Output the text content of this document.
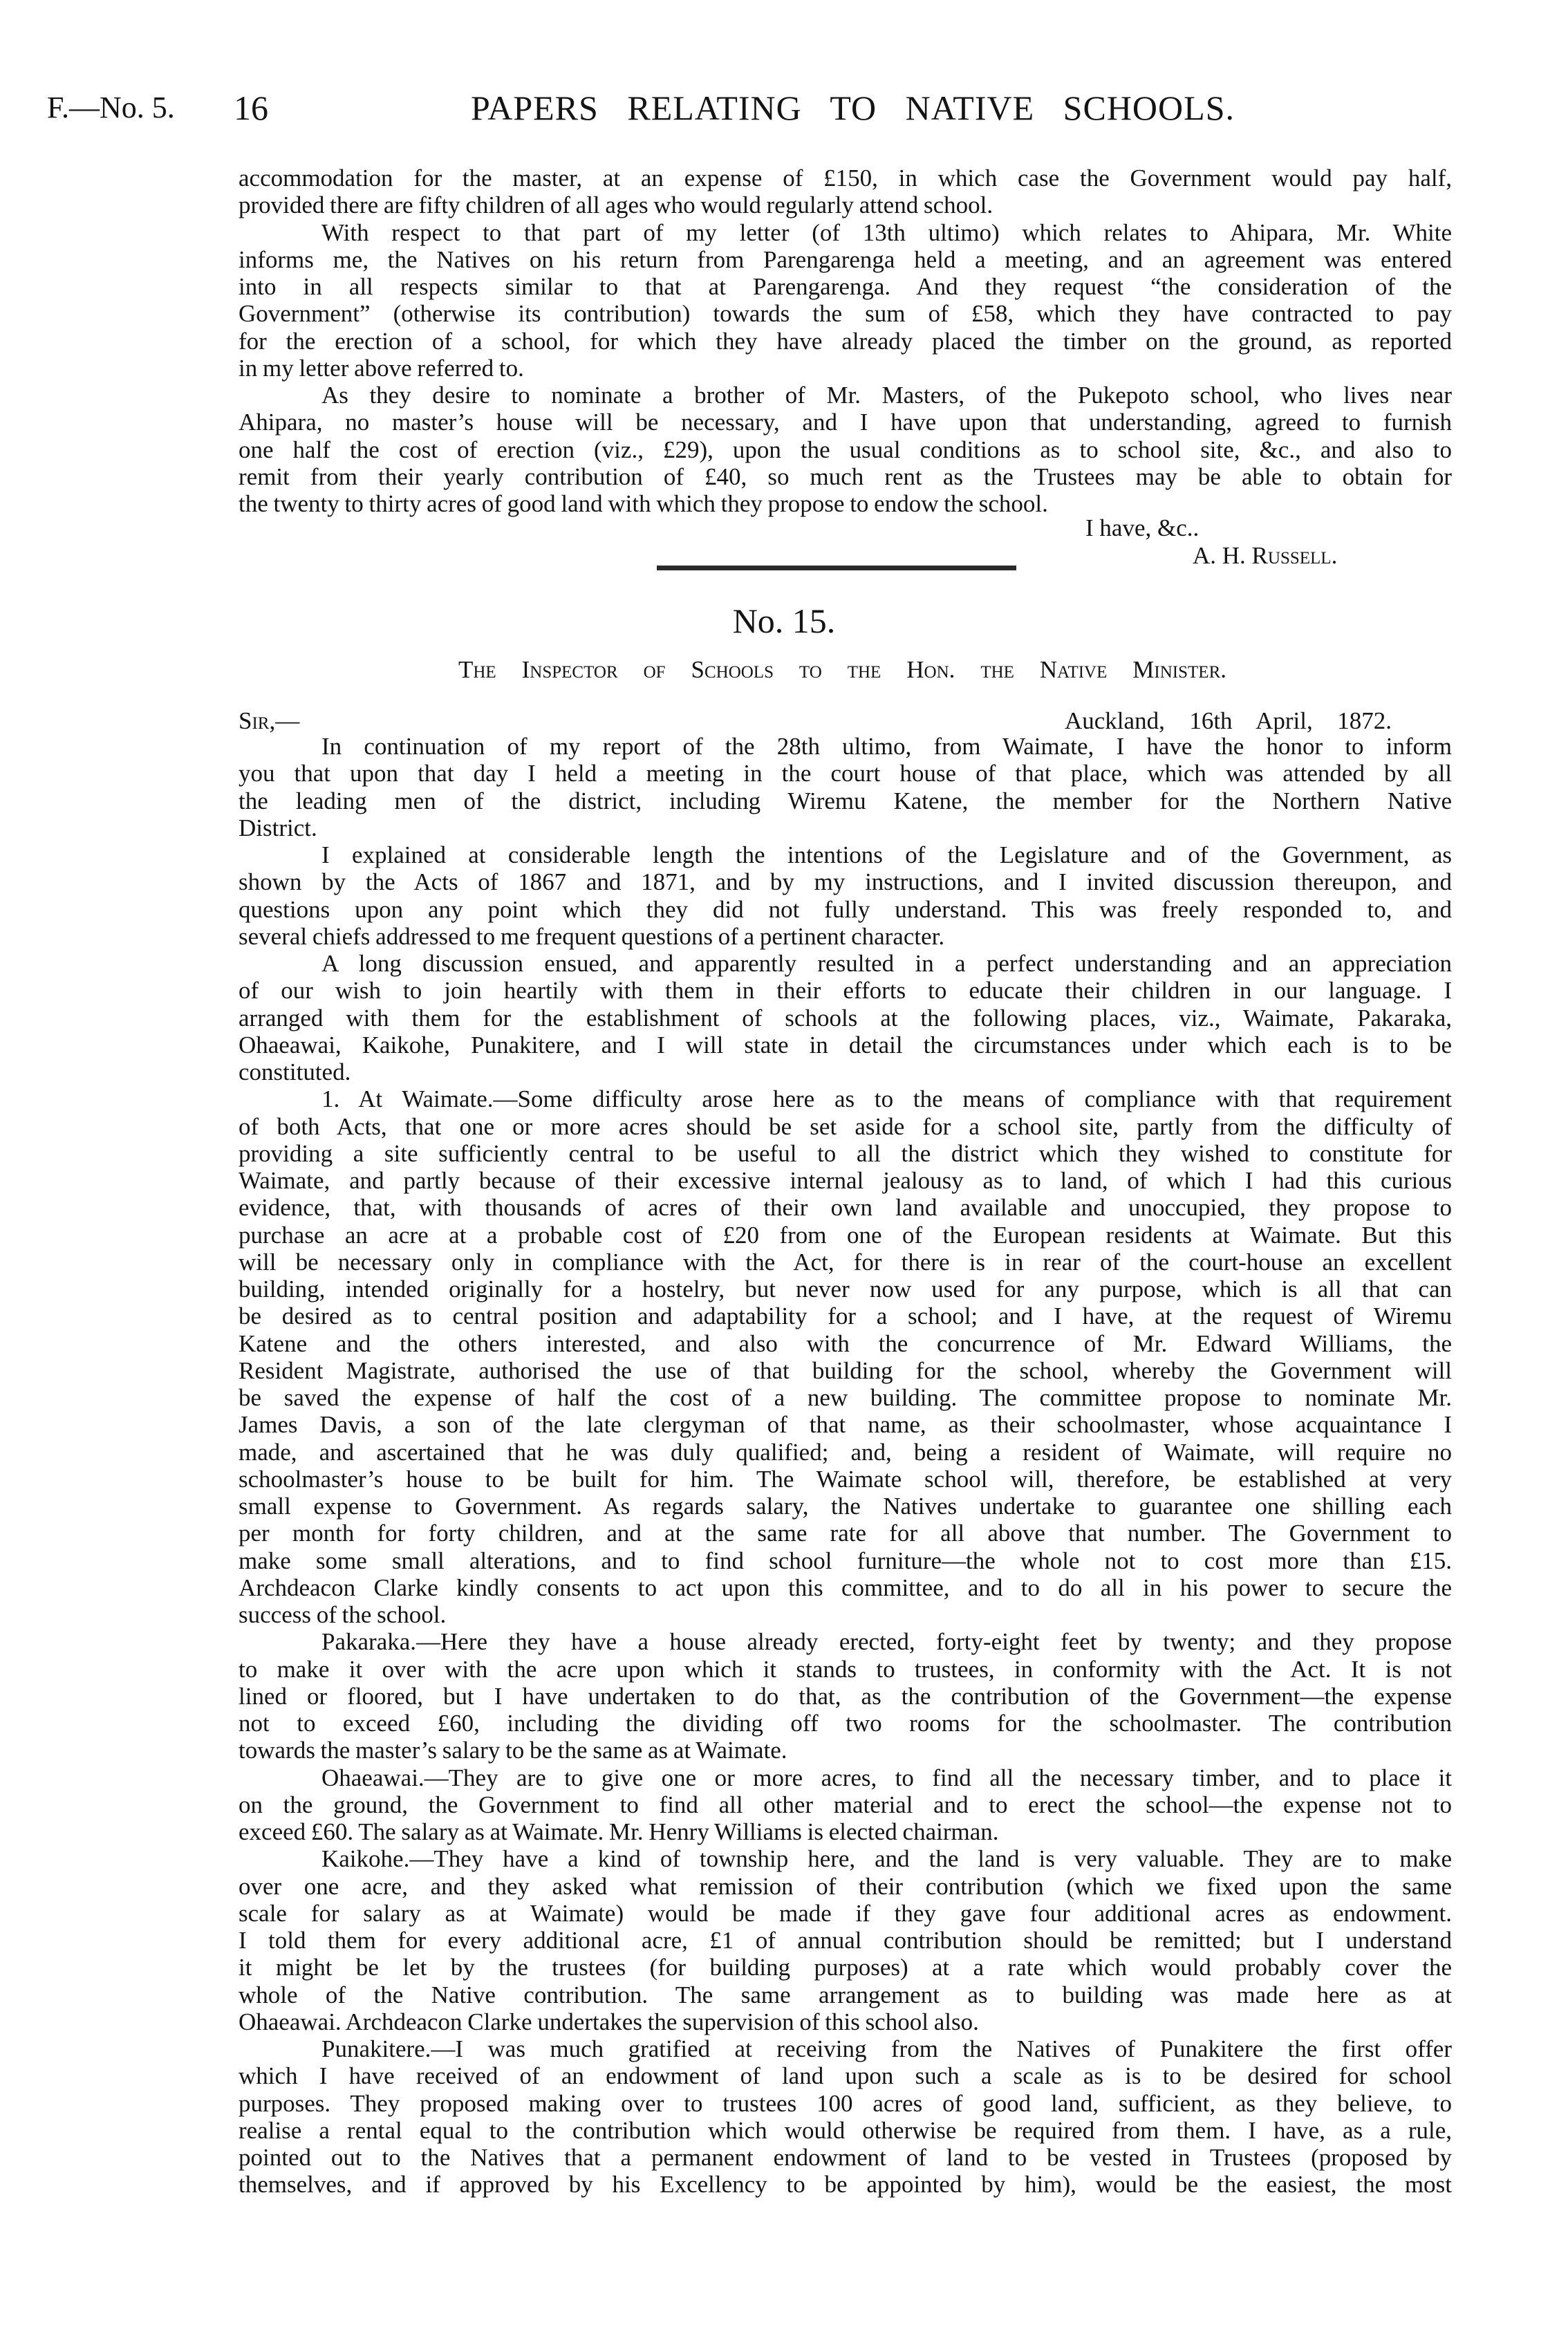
F.—No. 5. 16	PAPERS RELATING TO NATIVE SCHOOLS.
accommodation for the master, at an expense of £150, in which case the Government would pay half,
provided there are fifty children of all ages who would regularly attend school.
With respect to that part of my letter (of 13th ultimo) which relates to Ahipara, Mr. White
informs me, the Natives on his return from Parengarenga held a meeting, and an agreement was entered
into in all respects similar to that at Parengarenga. And they request “the consideration of the
Government” (otherwise its contribution) towards the sum of £58, which they have contracted to pay
for the erection of a school, for which they have already placed the timber on the ground, as reported
in my letter above referred to.
As they desire to nominate a brother of Mr. Masters, of the Pukepoto school, who lives near
Ahipara, no master’s house will be necessary, and I have upon that understanding, agreed to furnish
one half the cost of erection (viz., £29), upon the usual conditions as to school site, &c., and also to
remit from their yearly contribution of £40, so much rent as the Trustees may be able to obtain for
the twenty to thirty acres of good land with which they propose to endow the school.
I have, &c..
A. H. Russell.
No. 15.
The Inspector of Schools to the Hon. the Native Minister.
Sir,—	Auckland, 16th April, 1872.
In continuation of my report of the 28th ultimo, from Waimate, I have the honor to inform
you that upon that day I held a meeting in the court house of that place, which was attended by all
the leading men of the district, including Wiremu Katene, the member for the Northern Native
District.
I explained at considerable length the intentions of the Legislature and of the Government, as
shown by the Acts of 1867 and 1871, and by my instructions, and I invited discussion thereupon, and
questions upon any point which they did not fully understand. This was freely responded to, and
several chiefs addressed to me frequent questions of a pertinent character.
A long discussion ensued, and apparently resulted in a perfect understanding and an appreciation
of our wish to join heartily with them in their efforts to educate their children in our language. I
arranged with them for the establishment of schools at the following places, viz., Waimate, Pakaraka,
Ohaeawai, Kaikohe, Punakitere, and I will state in detail the circumstances under which each is to be
constituted.
1. At Waimate.—Some difficulty arose here as to the means of compliance with that requirement
of both Acts, that one or more acres should be set aside for a school site, partly from the difficulty of
providing a site sufficiently central to be useful to all the district which they wished to constitute for
Waimate, and partly because of their excessive internal jealousy as to land, of which I had this curious
evidence, that, with thousands of acres of their own land available and unoccupied, they propose to
purchase an acre at a probable cost of £20 from one of the European residents at Waimate. But this
will be necessary only in compliance with the Act, for there is in rear of the court-house an excellent
building, intended originally for a hostelry, but never now used for any purpose, which is all that can
be desired as to central position and adaptability for a school; and I have, at the request of Wiremu
Katene and the others interested, and also with the concurrence of Mr. Edward Williams, the
Resident Magistrate, authorised the use of that building for the school, whereby the Government will
be saved the expense of half the cost of a new building. The committee propose to nominate Mr.
James Davis, a son of the late clergyman of that name, as their schoolmaster, whose acquaintance I
made, and ascertained that he was duly qualified; and, being a resident of Waimate, will require no
schoolmaster’s house to be built for him. The Waimate school will, therefore, be established at very
small expense to Government. As regards salary, the Natives undertake to guarantee one shilling each
per month for forty children, and at the same rate for all above that number. The Government to
make some small alterations, and to find school furniture—the whole not to cost more than £15.
Archdeacon Clarke kindly consents to act upon this committee, and to do all in his power to secure the
success of the school.
Pakaraka.—Here they have a house already erected, forty-eight feet by twenty; and they propose
to make it over with the acre upon which it stands to trustees, in conformity with the Act. It is not
lined or floored, but I have undertaken to do that, as the contribution of the Government—the expense
not to exceed £60, including the dividing off two rooms for the schoolmaster. The contribution
towards the master’s salary to be the same as at Waimate.
Ohaeawai.—They are to give one or more acres, to find all the necessary timber, and to place it
on the ground, the Government to find all other material and to erect the school—the expense not to
exceed £60. The salary as at Waimate. Mr. Henry Williams is elected chairman.
Kaikohe.—They have a kind of township here, and the land is very valuable. They are to make
over one acre, and they asked what remission of their contribution (which we fixed upon the same
scale for salary as at Waimate) would be made if they gave four additional acres as endowment.
I told them for every additional acre, £1 of annual contribution should be remitted; but I understand
it might be let by the trustees (for building purposes) at a rate which would probably cover the
whole of the Native contribution. The same arrangement as to building was made here as at
Ohaeawai. Archdeacon Clarke undertakes the supervision of this school also.
Punakitere.—I was much gratified at receiving from the Natives of Punakitere the first offer
which I have received of an endowment of land upon such a scale as is to be desired for school
purposes. They proposed making over to trustees 100 acres of good land, sufficient, as they believe, to
realise a rental equal to the contribution which would otherwise be required from them. I have, as a rule,
pointed out to the Natives that a permanent endowment of land to be vested in Trustees (proposed by
themselves, and if approved by his Excellency to be appointed by him), would be the easiest, the most
